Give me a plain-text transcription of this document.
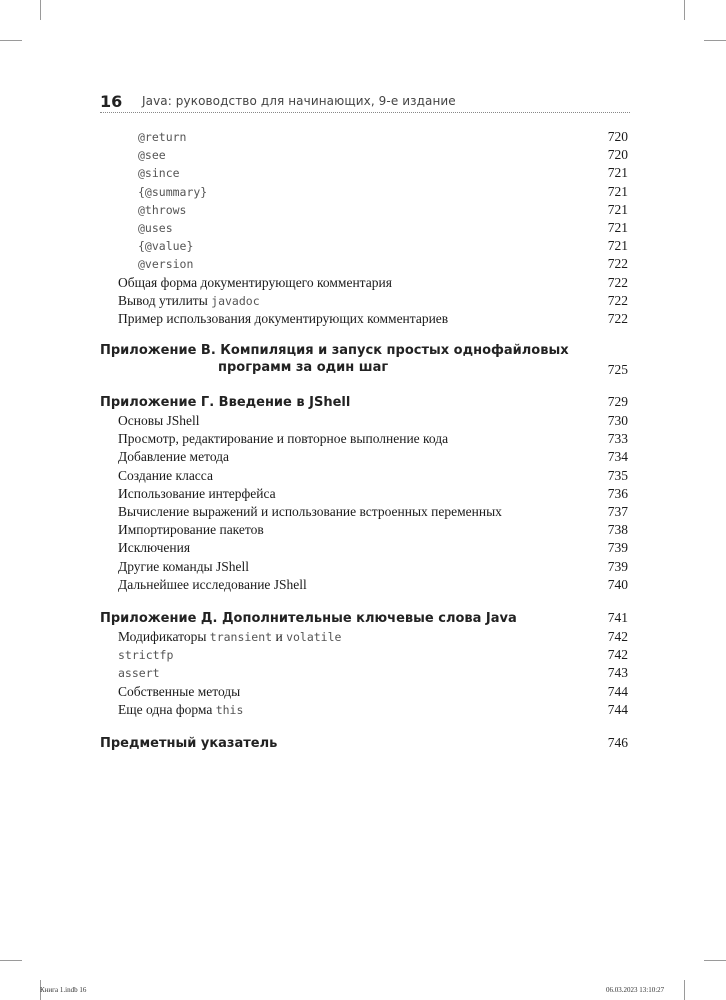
16 Java: руководство для начинающих, 9-е издание
@return	720
@see	720
@since	721
{@summary}	721
@throws	721
@uses	721
{@value}	721
@version	722
Общая форма документирующего комментария	722
Вывод утилиты javadoc	722
Пример использования документирующих комментариев	722
Приложение В. Компиляция и запуск простых однофайловых
программ за один шаг	725
Приложение Г. Введение в JShell	729
Основы JShell	730
Просмотр, редактирование и повторное выполнение кода	733
Добавление метода	734
Создание класса	735
Использование интерфейса	736
Вычисление выражений и использование встроенных переменных	737
Импортирование пакетов	738
Исключения	739
Другие команды JShell	739
Дальнейшее исследование JShell	740
Приложение Д. Дополнительные ключевые слова Java	741
Модификаторы transient и volatile	742
strictfp	742
assert	743
Собственные методы	744
Еще одна форма this	744
Предметный указатель	746
Книга 1.indb 16	06.03.2023 13:10:27
